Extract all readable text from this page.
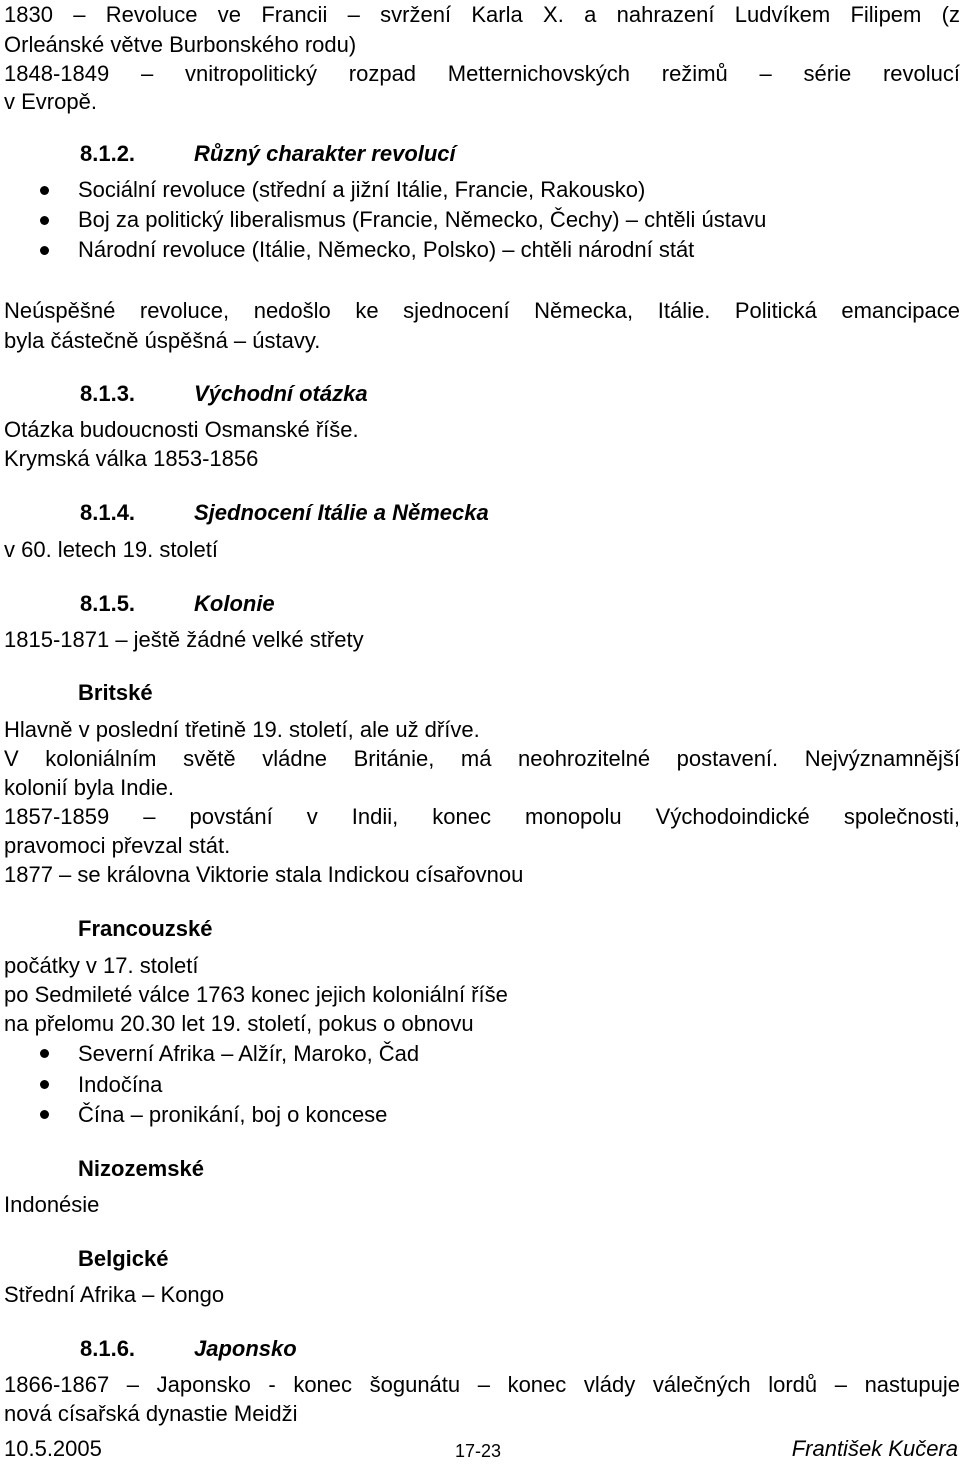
1830 – Revoluce ve Francii – svržení Karla X. a nahrazení Ludvíkem Filipem (z
Orleánské větve Burbonského rodu)
1848-1849 – vnitropolitický rozpad Metternichovských režimů – série revolucí
v Evropě.
8.1.2.	Různý charakter revolucí
Sociální revoluce (střední a jižní Itálie, Francie, Rakousko)
Boj za politický liberalismus (Francie, Německo, Čechy) – chtěli ústavu
Národní revoluce (Itálie, Německo, Polsko) – chtěli národní stát
Neúspěšné revoluce, nedošlo ke sjednocení Německa, Itálie. Politická emancipace
byla částečně úspěšná – ústavy.
8.1.3.	Východní otázka
Otázka budoucnosti Osmanské říše.
Krymská válka 1853-1856
8.1.4.	Sjednocení Itálie a Německa
v 60. letech 19. století
8.1.5.	Kolonie
1815-1871 – ještě žádné velké střety
Britské
Hlavně v poslední třetině 19. století, ale už dříve.
V koloniálním světě vládne Británie, má neohrozitelné postavení. Nejvýznamnější
kolonií byla Indie.
1857-1859 – povstání v Indii, konec monopolu Východoindické společnosti,
pravomoci převzal stát.
1877 – se královna Viktorie stala Indickou císařovnou
Francouzské
počátky v 17. století
po Sedmileté válce 1763 konec jejich koloniální říše
na přelomu 20.30 let 19. století, pokus o obnovu
Severní Afrika – Alžír, Maroko, Čad
Indočína
Čína – pronikání, boj o koncese
Nizozemské
Indonésie
Belgické
Střední Afrika – Kongo
8.1.6.	Japonsko
1866-1867 – Japonsko - konec šogunátu – konec vlády válečných lordů – nastupuje
nová císařská dynastie Meidži
10.5.2005	17-23	František Kučera
